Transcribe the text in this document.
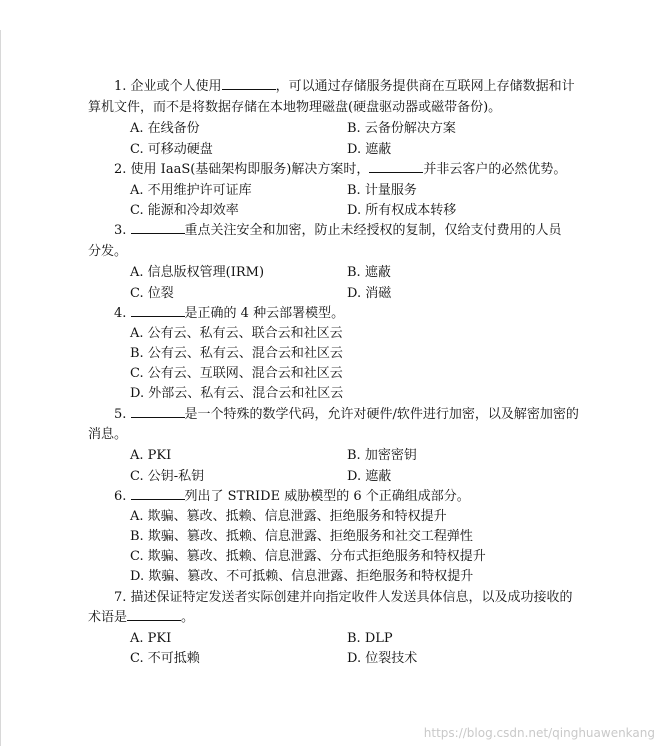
1. 企业或个人使用	，可以通过存储服务提供商在互联网上存储数据和计
算机文件，而不是将数据存储在本地物理磁盘(硬盘驱动器或磁带备份)。
A. 在线备份	B. 云备份解决方案
C. 可移动硬盘	D. 遮蔽
2. 使用 IaaS(基础架构即服务)解决方案时，	并非云客户的必然优势。
A. 不用维护许可证库	B. 计量服务
C. 能源和冷却效率	D. 所有权成本转移
3.	重点关注安全和加密，防止未经授权的复制，仅给支付费用的人员
分发。
A. 信息版权管理(IRM)	B. 遮蔽
C. 位裂	D. 消磁
4.	是正确的 4 种云部署模型。
A. 公有云、私有云、联合云和社区云
B. 公有云、私有云、混合云和社区云
C. 公有云、互联网、混合云和社区云
D. 外部云、私有云、混合云和社区云
5.	是一个特殊的数学代码，允许对硬件/软件进行加密，以及解密加密的
消息。
A. PKI	B. 加密密钥
C. 公钥-私钥	D. 遮蔽
6.	列出了 STRIDE 威胁模型的 6 个正确组成部分。
A. 欺骗、篡改、抵赖、信息泄露、拒绝服务和特权提升
B. 欺骗、篡改、抵赖、信息泄露、拒绝服务和社交工程弹性
C. 欺骗、篡改、抵赖、信息泄露、分布式拒绝服务和特权提升
D. 欺骗、篡改、不可抵赖、信息泄露、拒绝服务和特权提升
7. 描述保证特定发送者实际创建并向指定收件人发送具体信息，以及成功接收的
术语是	。
A. PKI	B. DLP
C. 不可抵赖	D. 位裂技术
https://blog.csdn.net/qinghuawenkang
